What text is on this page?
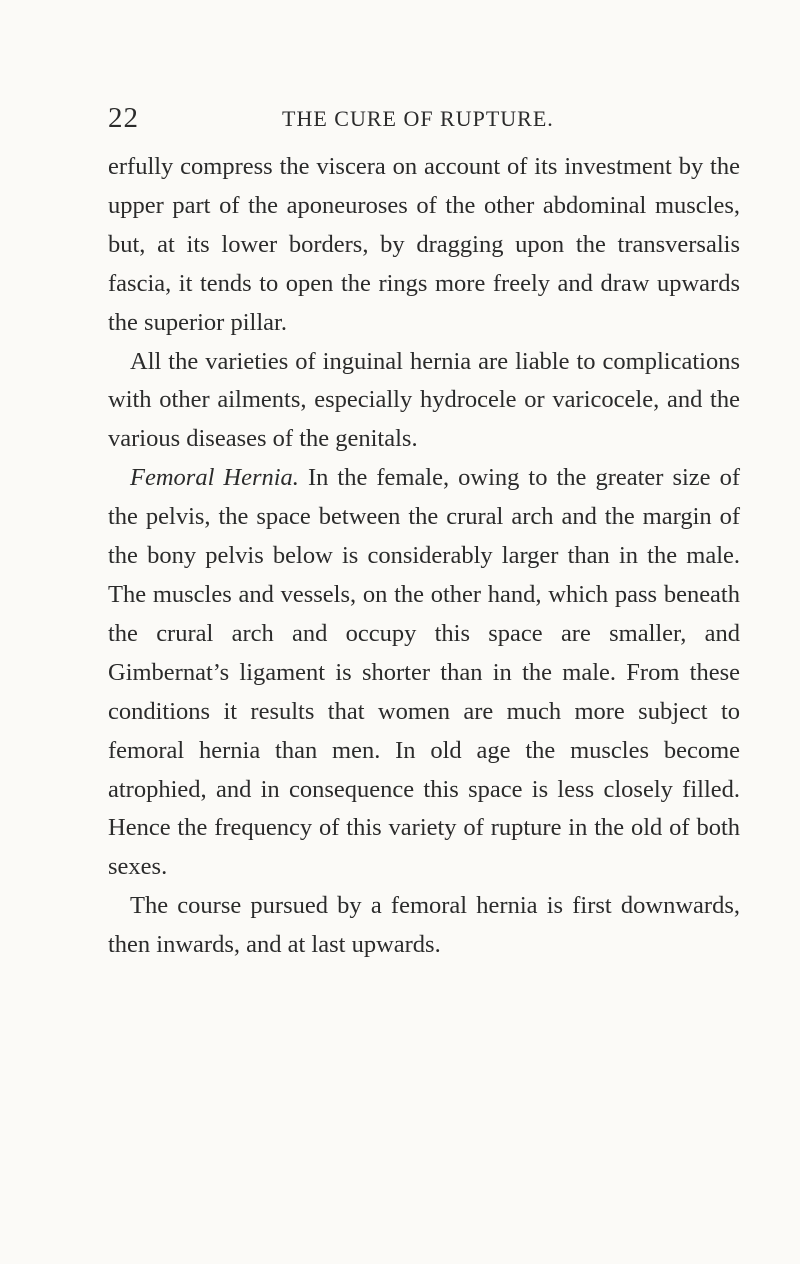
22	THE CURE OF RUPTURE.

erfully compress the viscera on account of its investment by the upper part of the aponeuroses of the other abdominal muscles, but, at its lower borders, by dragging upon the transversalis fascia, it tends to open the rings more freely and draw upwards the superior pillar.

All the varieties of inguinal hernia are liable to complications with other ailments, especially hydrocele or varicocele, and the various diseases of the genitals.

Femoral Hernia. In the female, owing to the greater size of the pelvis, the space between the crural arch and the margin of the bony pelvis below is considerably larger than in the male. The muscles and vessels, on the other hand, which pass beneath the crural arch and occupy this space are smaller, and Gimbernat’s ligament is shorter than in the male. From these conditions it results that women are much more subject to femoral hernia than men. In old age the muscles become atrophied, and in consequence this space is less closely filled. Hence the frequency of this variety of rupture in the old of both sexes.

The course pursued by a femoral hernia is first downwards, then inwards, and at last upwards.
